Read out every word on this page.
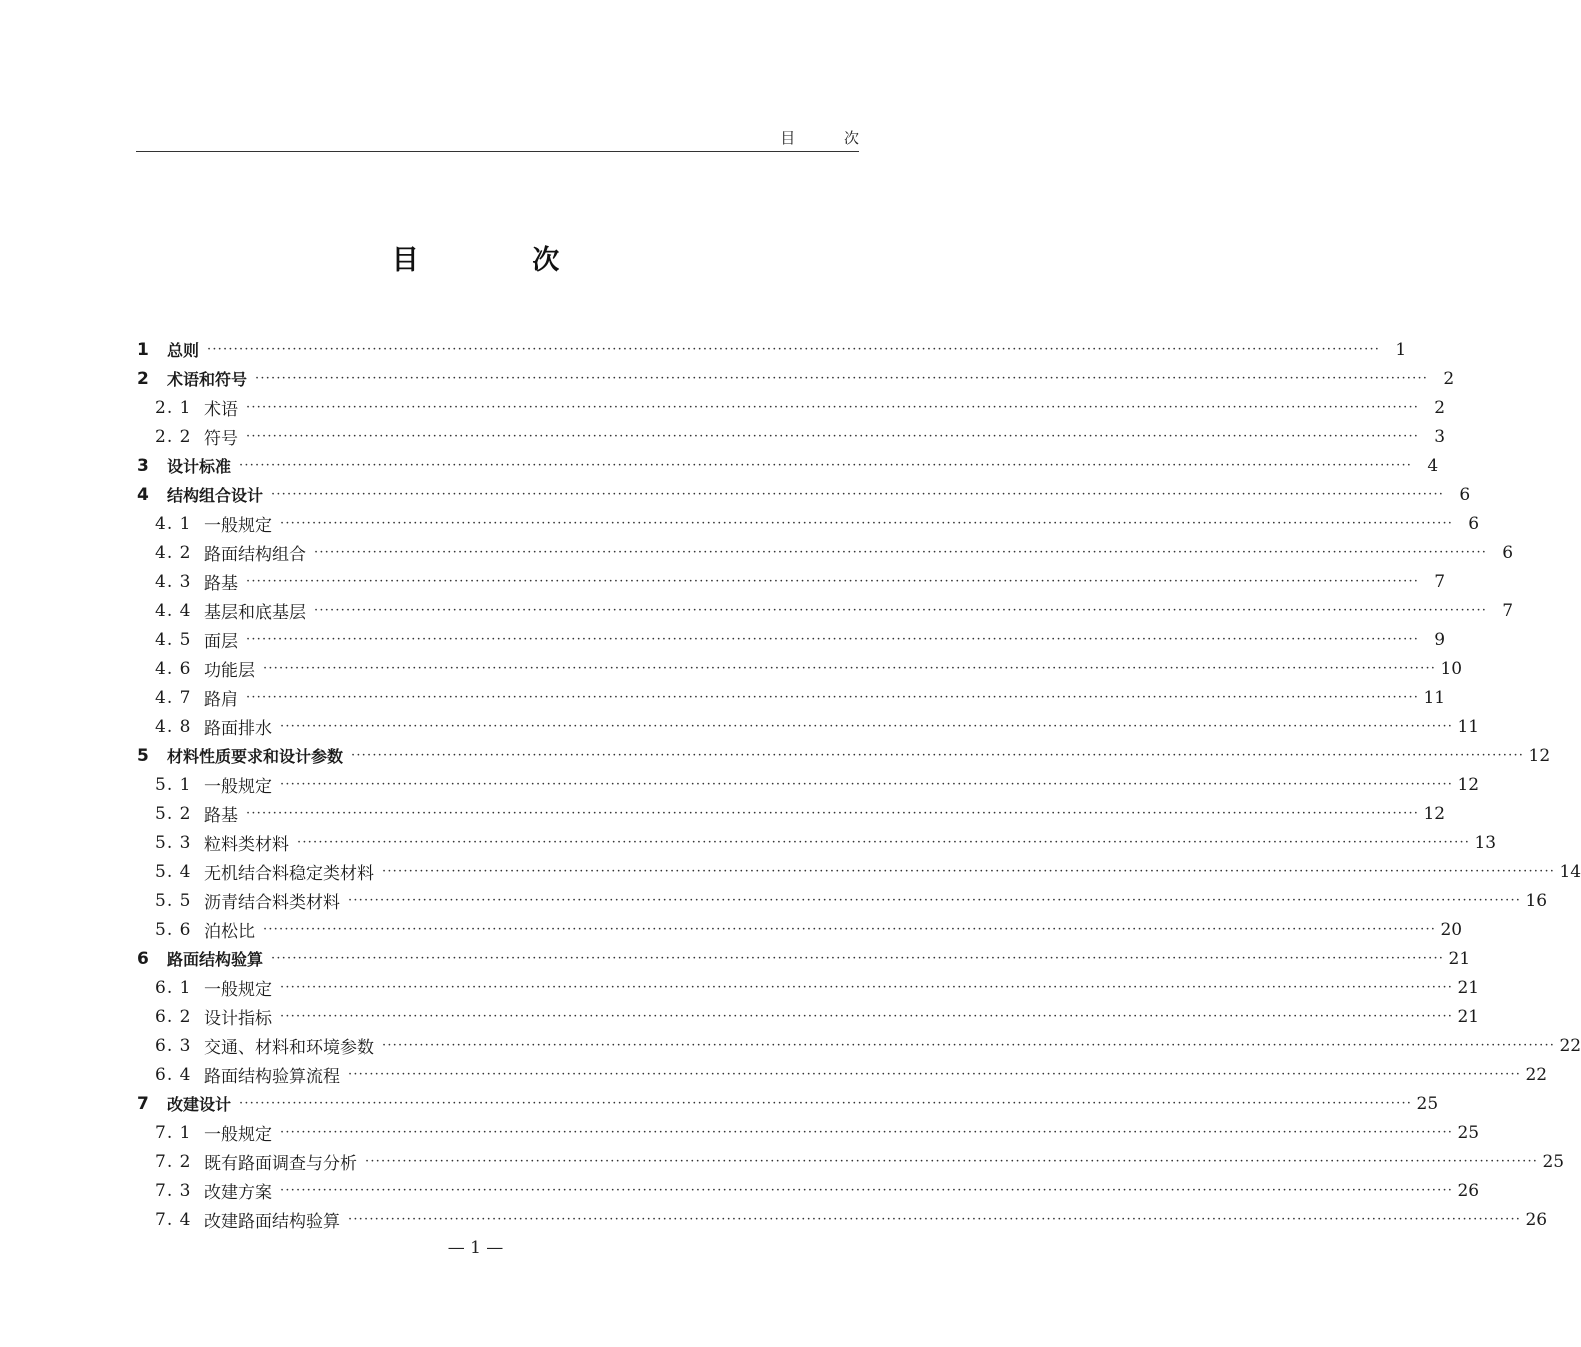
目 次
目 次
1	总则 ···························································································································································································································· 1
2	术语和符号 ···························································································································································································································· 2
2. 1 术语 ···························································································································································································································· 2
2. 2 符号 ···························································································································································································································· 3
3	设计标准 ···························································································································································································································· 4
4	结构组合设计 ···························································································································································································································· 6
4. 1 一般规定 ···························································································································································································································· 6
4. 2 路面结构组合 ···························································································································································································································· 6
4. 3 路基 ···························································································································································································································· 7
4. 4 基层和底基层 ···························································································································································································································· 7
4. 5 面层 ···························································································································································································································· 9
4. 6 功能层 ···························································································································································································································· 10
4. 7 路肩 ···························································································································································································································· 11
4. 8 路面排水 ···························································································································································································································· 11
5	材料性质要求和设计参数 ···························································································································································································································· 12
5. 1 一般规定 ···························································································································································································································· 12
5. 2 路基 ···························································································································································································································· 12
5. 3 粒料类材料 ···························································································································································································································· 13
5. 4 无机结合料稳定类材料 ···························································································································································································································· 14
5. 5 沥青结合料类材料 ···························································································································································································································· 16
5. 6 泊松比 ···························································································································································································································· 20
6	路面结构验算 ···························································································································································································································· 21
6. 1 一般规定 ···························································································································································································································· 21
6. 2 设计指标 ···························································································································································································································· 21
6. 3 交通、材料和环境参数 ···························································································································································································································· 22
6. 4 路面结构验算流程 ···························································································································································································································· 22
7	改建设计 ···························································································································································································································· 25
7. 1 一般规定 ···························································································································································································································· 25
7. 2 既有路面调查与分析 ···························································································································································································································· 25
7. 3 改建方案 ···························································································································································································································· 26
7. 4 改建路面结构验算 ···························································································································································································································· 26
— 1 —
